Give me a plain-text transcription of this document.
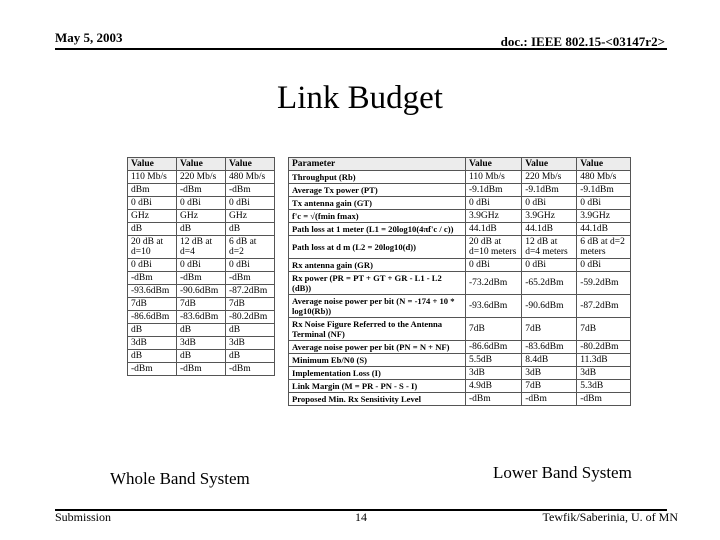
May 5, 2003	doc.: IEEE 802.15-<03147r2>
Link Budget
Value	Value	Value
110 Mb/s	220 Mb/s	480 Mb/s
dBm	-dBm	-dBm
0 dBi	0 dBi	0 dBi
GHz	GHz	GHz
dB	dB	dB
20 dB at d=10	12 dB at d=4	6 dB at d=2
0 dBi	0 dBi	0 dBi
-dBm	-dBm	-dBm
-93.6dBm	-90.6dBm	-87.2dBm
7dB	7dB	7dB
-86.6dBm	-83.6dBm	-80.2dBm
dB	dB	dB
3dB	3dB	3dB
dB	dB	dB
-dBm	-dBm	-dBm
Parameter	Value	Value	Value
Throughput (Rb)	110 Mb/s	220 Mb/s	480 Mb/s
Average Tx power (PT)	-9.1dBm	-9.1dBm	-9.1dBm
Tx antenna gain (GT)	0 dBi	0 dBi	0 dBi
f'c = √(fmin fmax)	3.9GHz	3.9GHz	3.9GHz
Path loss at 1 meter (L1 = 20log10(4πf'c / c))	44.1dB	44.1dB	44.1dB
Path loss at d m (L2 = 20log10(d))	20 dB at d=10 meters	12 dB at d=4 meters	6 dB at d=2 meters
Rx antenna gain (GR)	0 dBi	0 dBi	0 dBi
Rx power (PR = PT + GT + GR - L1 - L2 (dB))	-73.2dBm	-65.2dBm	-59.2dBm
Average noise power per bit (N = -174 + 10 * log10(Rb))	-93.6dBm	-90.6dBm	-87.2dBm
Rx Noise Figure Referred to the Antenna Terminal (NF)	7dB	7dB	7dB
Average noise power per bit (PN = N + NF)	-86.6dBm	-83.6dBm	-80.2dBm
Minimum Eb/N0 (S)	5.5dB	8.4dB	11.3dB
Implementation Loss (I)	3dB	3dB	3dB
Link Margin (M = PR - PN - S - I)	4.9dB	7dB	5.3dB
Proposed Min. Rx Sensitivity Level	-dBm	-dBm	-dBm
Whole Band System	Lower Band System
Submission	14	Tewfik/Saberinia, U. of MN
